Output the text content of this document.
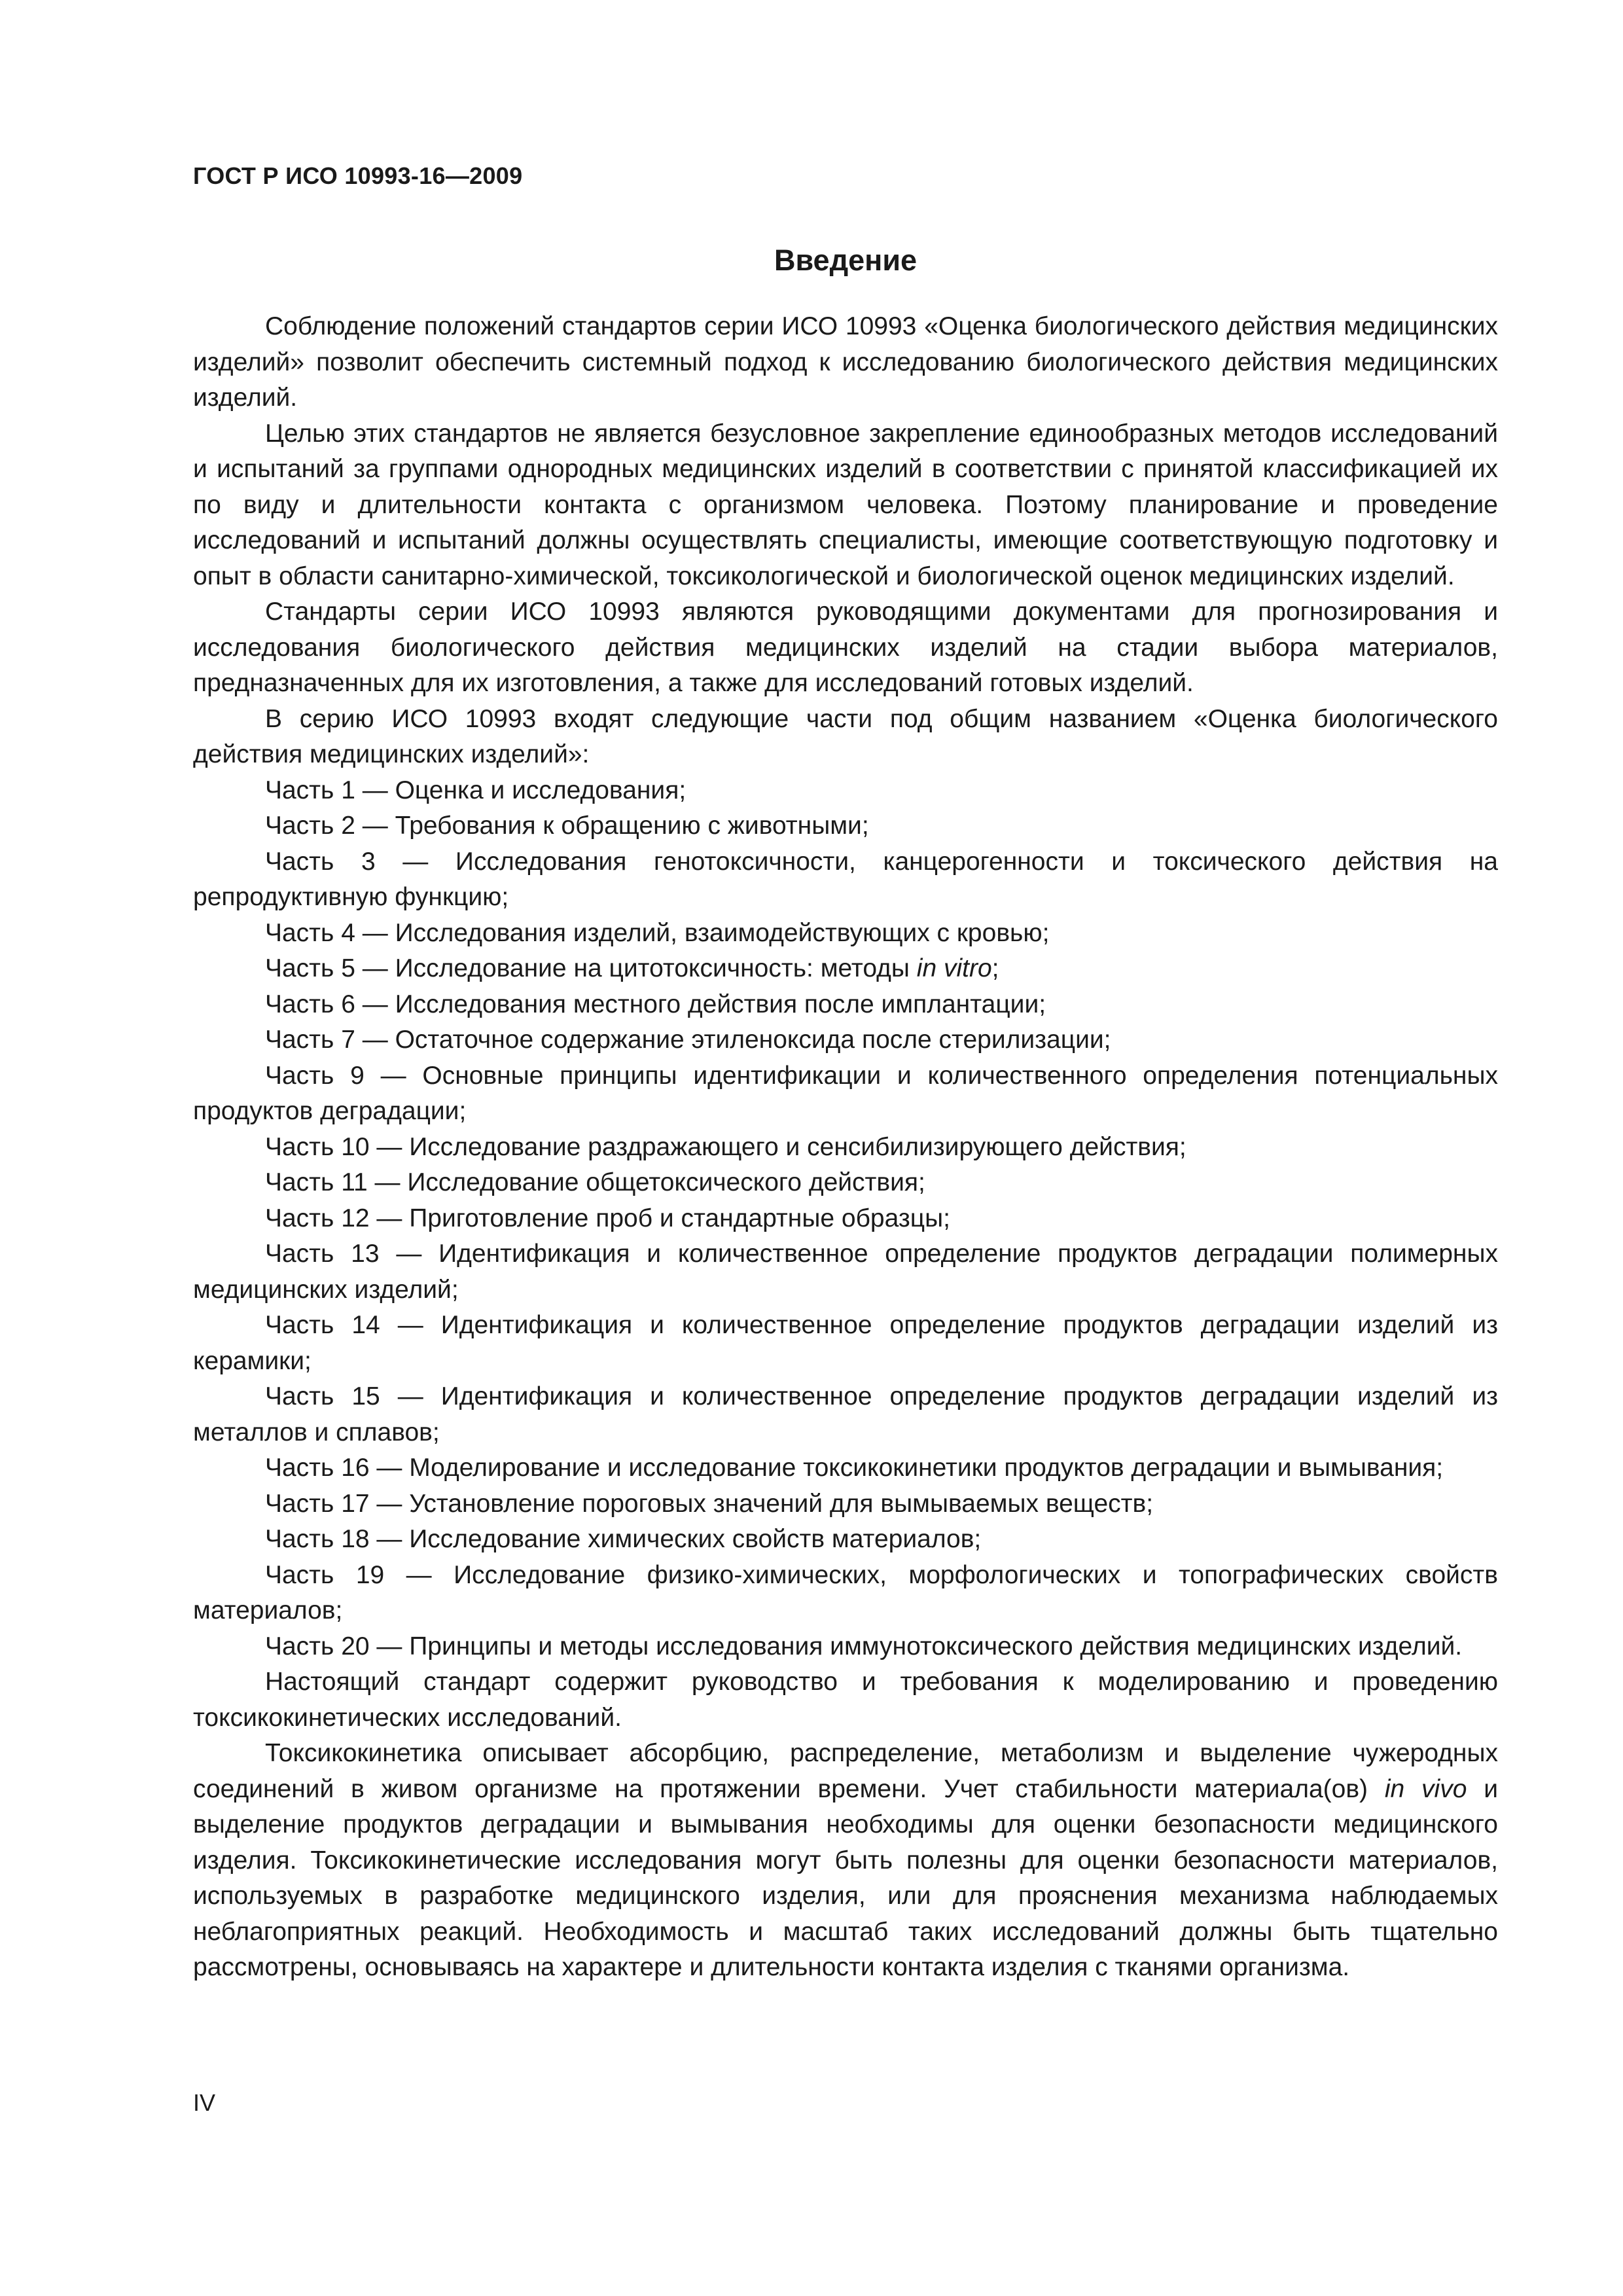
ГОСТ Р ИСО 10993-16—2009
Введение

Соблюдение положений стандартов серии ИСО 10993 «Оценка биологического действия медицинских изделий» позволит обеспечить системный подход к исследованию биологического действия медицинских изделий.

Целью этих стандартов не является безусловное закрепление единообразных методов исследований и испытаний за группами однородных медицинских изделий в соответствии с принятой классификацией их по виду и длительности контакта с организмом человека. Поэтому планирование и проведение исследований и испытаний должны осуществлять специалисты, имеющие соответствующую подготовку и опыт в области санитарно-химической, токсикологической и биологической оценок медицинских изделий.

Стандарты серии ИСО 10993 являются руководящими документами для прогнозирования и исследования биологического действия медицинских изделий на стадии выбора материалов, предназначенных для их изготовления, а также для исследований готовых изделий.

В серию ИСО 10993 входят следующие части под общим названием «Оценка биологического действия медицинских изделий»:

Часть 1 — Оценка и исследования;

Часть 2 — Требования к обращению с животными;

Часть 3 — Исследования генотоксичности, канцерогенности и токсического действия на репродуктивную функцию;

Часть 4 — Исследования изделий, взаимодействующих с кровью;

Часть 5 — Исследование на цитотоксичность: методы in vitro;

Часть 6 — Исследования местного действия после имплантации;

Часть 7 — Остаточное содержание этиленоксида после стерилизации;

Часть 9 — Основные принципы идентификации и количественного определения потенциальных продуктов деградации;

Часть 10 — Исследование раздражающего и сенсибилизирующего действия;

Часть 11 — Исследование общетоксического действия;

Часть 12 — Приготовление проб и стандартные образцы;

Часть 13 — Идентификация и количественное определение продуктов деградации полимерных медицинских изделий;

Часть 14 — Идентификация и количественное определение продуктов деградации изделий из керамики;

Часть 15 — Идентификация и количественное определение продуктов деградации изделий из металлов и сплавов;

Часть 16 — Моделирование и исследование токсикокинетики продуктов деградации и вымывания;

Часть 17 — Установление пороговых значений для вымываемых веществ;

Часть 18 — Исследование химических свойств материалов;

Часть 19 — Исследование физико-химических, морфологических и топографических свойств материалов;

Часть 20 — Принципы и методы исследования иммунотоксического действия медицинских изделий.

Настоящий стандарт содержит руководство и требования к моделированию и проведению токсикокинетических исследований.

Токсикокинетика описывает абсорбцию, распределение, метаболизм и выделение чужеродных соединений в живом организме на протяжении времени. Учет стабильности материала(ов) in vivo и выделение продуктов деградации и вымывания необходимы для оценки безопасности медицинского изделия. Токсикокинетические исследования могут быть полезны для оценки безопасности материалов, используемых в разработке медицинского изделия, или для прояснения механизма наблюдаемых неблагоприятных реакций. Необходимость и масштаб таких исследований должны быть тщательно рассмотрены, основываясь на характере и длительности контакта изделия с тканями организма.

IV
